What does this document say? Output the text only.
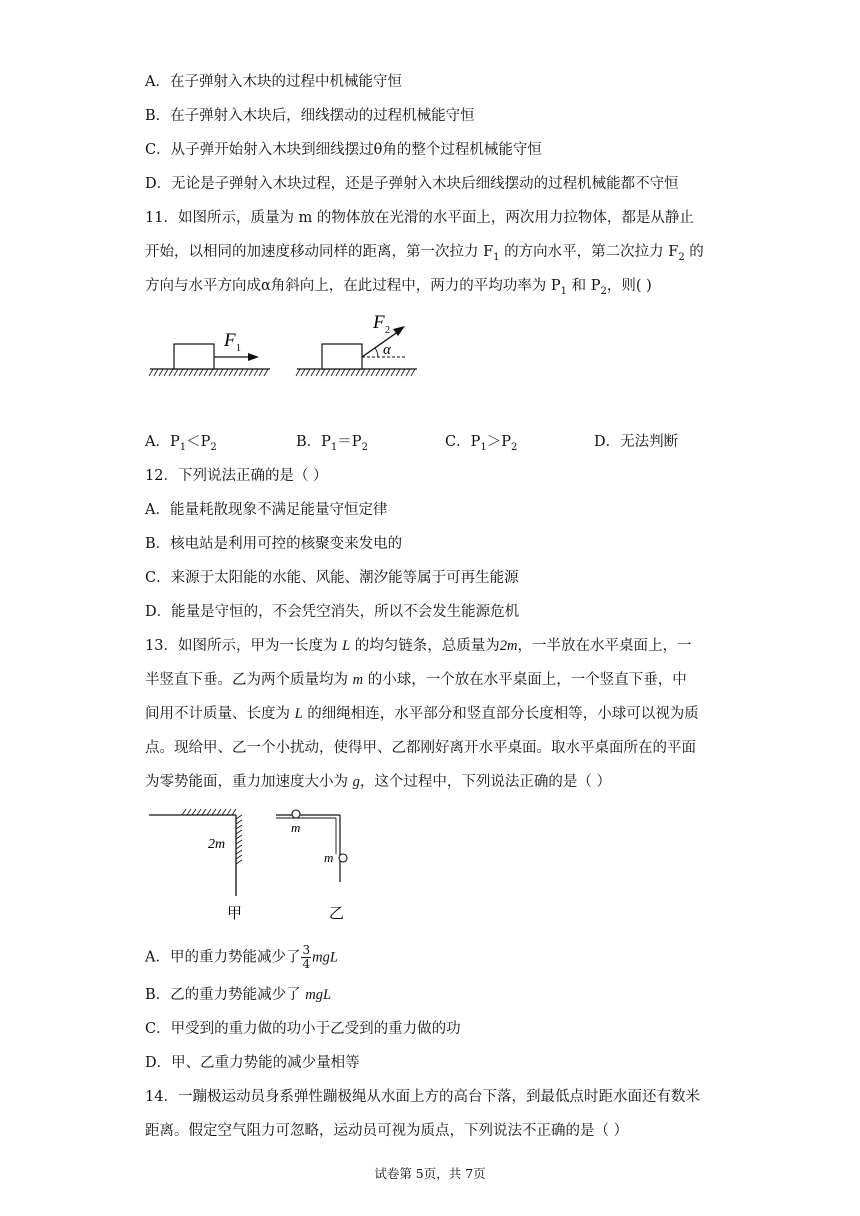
A．在子弹射入木块的过程中机械能守恒
B．在子弹射入木块后，细线摆动的过程机械能守恒
C．从子弹开始射入木块到细线摆过θ角的整个过程机械能守恒
D．无论是子弹射入木块过程，还是子弹射入木块后细线摆动的过程机械能都不守恒
11．如图所示，质量为 m 的物体放在光滑的水平面上，两次用力拉物体，都是从静止
开始，以相同的加速度移动同样的距离，第一次拉力 $F_1$ 的方向水平，第二次拉力 $F_2$ 的
方向与水平方向成α角斜向上，在此过程中，两力的平均功率为 $P_1$ 和 $P_2$，则( )
F 1
F 2
α
A．$P_1<P_2$	B．$P_1=P_2$	C．$P_1>P_2$	D．无法判断
12．下列说法正确的是（ ）
A．能量耗散现象不满足能量守恒定律
B．核电站是利用可控的核聚变来发电的
C．来源于太阳能的水能、风能、潮汐能等属于可再生能源
D．能量是守恒的，不会凭空消失，所以不会发生能源危机
13．如图所示，甲为一长度为 L 的均匀链条，总质量为2m，一半放在水平桌面上，一
半竖直下垂。乙为两个质量均为 m 的小球，一个放在水平桌面上，一个竖直下垂，中
间用不计质量、长度为 L 的细绳相连，水平部分和竖直部分长度相等，小球可以视为质
点。现给甲、乙一个小扰动，使得甲、乙都刚好离开水平桌面。取水平桌面所在的平面
为零势能面，重力加速度大小为 g，这个过程中，下列说法正确的是（ ）
2m
甲
m
m
乙
A．甲的重力势能减少了 $\frac{3}{4}$ mgL
B．乙的重力势能减少了 mgL
C．甲受到的重力做的功小于乙受到的重力做的功
D．甲、乙重力势能的减少量相等
14．一蹦极运动员身系弹性蹦极绳从水面上方的高台下落，到最低点时距水面还有数米
距离。假定空气阻力可忽略，运动员可视为质点，下列说法不正确的是（ ）
试卷第 5页，共 7页
